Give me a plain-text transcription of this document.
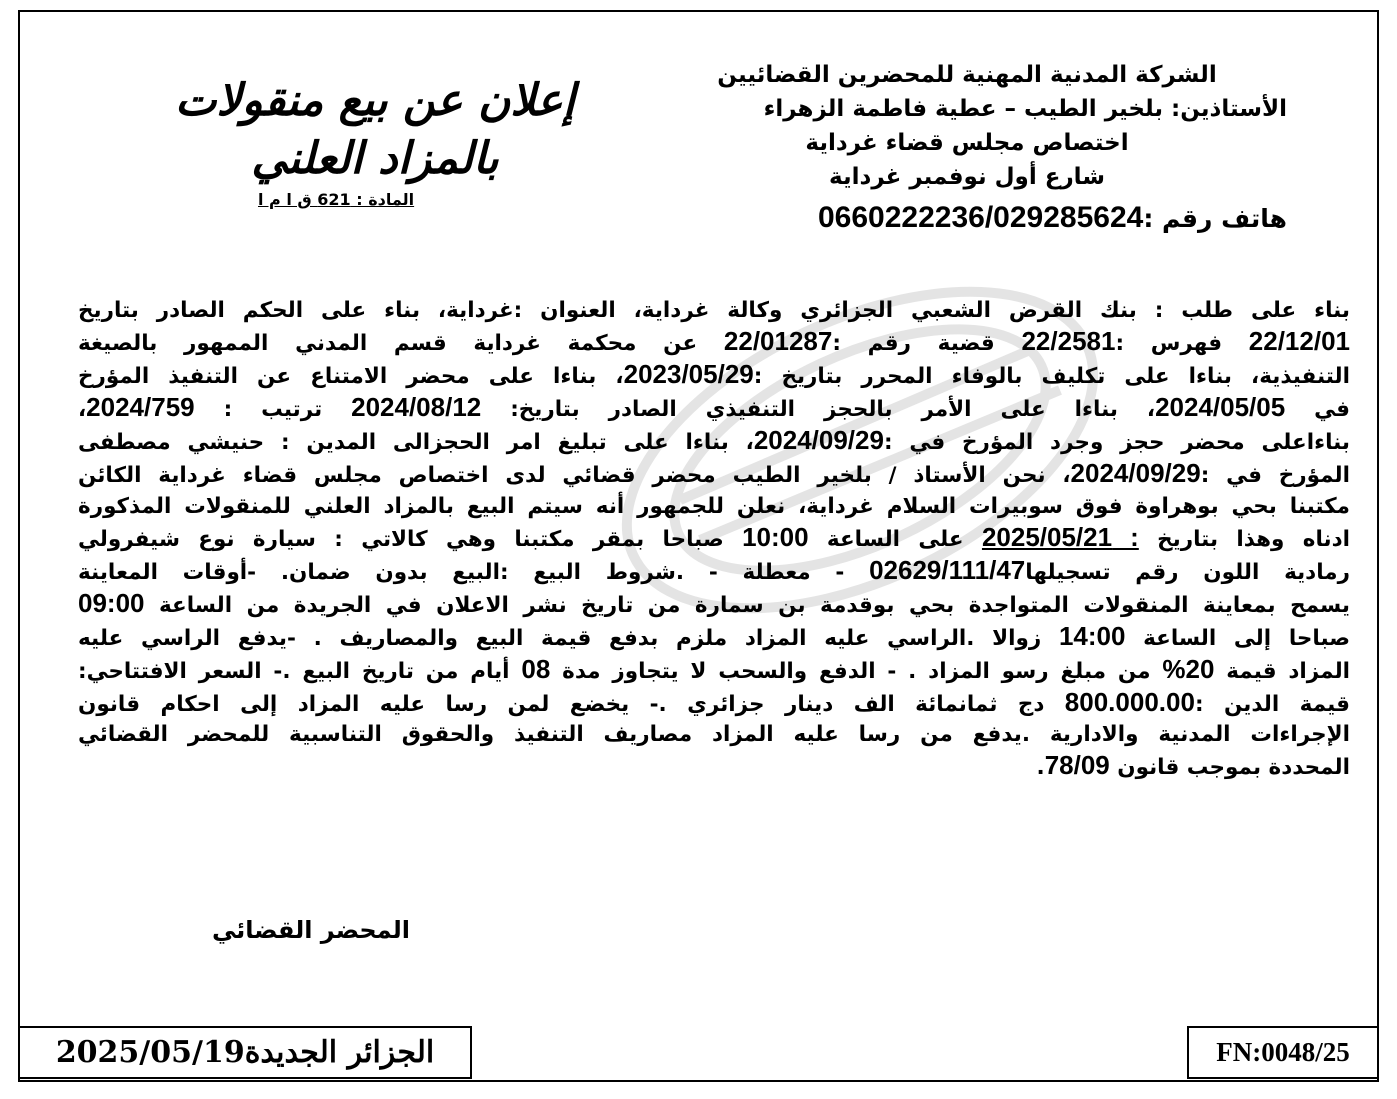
الشركة المدنية المهنية للمحضرين القضائيين
الأستاذين: بلخير الطيب – عطية فاطمة الزهراء
اختصاص مجلس قضاء غرداية
شارع أول نوفمبر غرداية
هاتف رقم :0660222236/029285624
إعلان عن بيع منقولات
بالمزاد العلني
المادة : 621 ق ا م ا
بناء على طلب : بنك القرض الشعبي الجزائري وكالة غرداية، العنوان :غرداية، بناء على الحكم الصادر بتاريخ
22/12/01 فهرس :22/2581 قضية رقم :22/01287 عن محكمة غرداية قسم المدني الممهور بالصيغة
التنفيذية، بناءا على تكليف بالوفاء المحرر بتاريخ :2023/05/29، بناءا على محضر الامتناع عن التنفيذ المؤرخ
في 2024/05/05، بناءا على الأمر بالحجز التنفيذي الصادر بتاريخ: 2024/08/12 ترتيب : 2024/759،
بناءاعلى محضر حجز وجرد المؤرخ في :2024/09/29، بناءا على تبليغ امر الحجزالى المدين : حنيشي مصطفى
المؤرخ في :2024/09/29، نحن الأستاذ / بلخير الطيب محضر قضائي لدى اختصاص مجلس قضاء غرداية الكائن
مكتبنا بحي بوهراوة فوق سوبيرات السلام غرداية، نعلن للجمهور أنه سيتم البيع بالمزاد العلني للمنقولات المذكورة
ادناه وهذا بتاريخ : 2025/05/21 على الساعة 10:00 صباحا بمقر مكتبنا وهي كالاتي : سيارة نوع شيفرولي
رمادية اللون رقم تسجيلها02629/111/47 - معطلة - .شروط البيع :البيع بدون ضمان. -أوقات المعاينة
يسمح بمعاينة المنقولات المتواجدة بحي بوقدمة بن سمارة من تاريخ نشر الاعلان في الجريدة من الساعة 09:00
صباحا إلى الساعة 14:00 زوالا .الراسي عليه المزاد ملزم بدفع قيمة البيع والمصاريف . -يدفع الراسي عليه
المزاد قيمة 20% من مبلغ رسو المزاد . - الدفع والسحب لا يتجاوز مدة 08 أيام من تاريخ البيع .- السعر الافتتاحي:
قيمة الدين :800.000.00 دج ثمانمائة الف دينار جزائري .- يخضع لمن رسا عليه المزاد إلى احكام قانون
الإجراءات المدنية والادارية .يدفع من رسا عليه المزاد مصاريف التنفيذ والحقوق التناسبية للمحضر القضائي
المحددة بموجب قانون 78/09.
المحضر القضائي
الجزائر الجديدة2025/05/19	FN:0048/25
